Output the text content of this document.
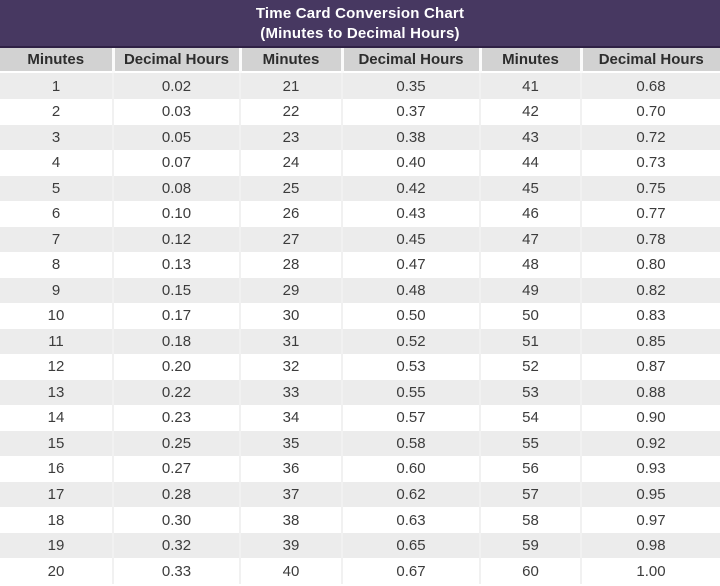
Time Card Conversion Chart
(Minutes to Decimal Hours)
Minutes	Decimal Hours	Minutes	Decimal Hours	Minutes	Decimal Hours
1	0.02	21	0.35	41	0.68
2	0.03	22	0.37	42	0.70
3	0.05	23	0.38	43	0.72
4	0.07	24	0.40	44	0.73
5	0.08	25	0.42	45	0.75
6	0.10	26	0.43	46	0.77
7	0.12	27	0.45	47	0.78
8	0.13	28	0.47	48	0.80
9	0.15	29	0.48	49	0.82
10	0.17	30	0.50	50	0.83
11	0.18	31	0.52	51	0.85
12	0.20	32	0.53	52	0.87
13	0.22	33	0.55	53	0.88
14	0.23	34	0.57	54	0.90
15	0.25	35	0.58	55	0.92
16	0.27	36	0.60	56	0.93
17	0.28	37	0.62	57	0.95
18	0.30	38	0.63	58	0.97
19	0.32	39	0.65	59	0.98
20	0.33	40	0.67	60	1.00
